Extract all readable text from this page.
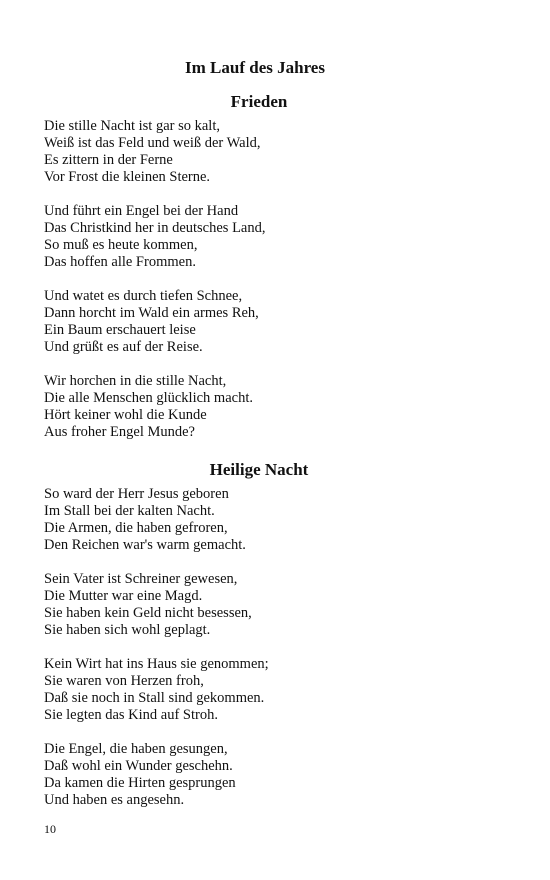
Im Lauf des Jahres
Frieden
Die stille Nacht ist gar so kalt,
Weiß ist das Feld und weiß der Wald,
Es zittern in der Ferne
Vor Frost die kleinen Sterne.
Und führt ein Engel bei der Hand
Das Christkind her in deutsches Land,
So muß es heute kommen,
Das hoffen alle Frommen.
Und watet es durch tiefen Schnee,
Dann horcht im Wald ein armes Reh,
Ein Baum erschauert leise
Und grüßt es auf der Reise.
Wir horchen in die stille Nacht,
Die alle Menschen glücklich macht.
Hört keiner wohl die Kunde
Aus froher Engel Munde?
Heilige Nacht
So ward der Herr Jesus geboren
Im Stall bei der kalten Nacht.
Die Armen, die haben gefroren,
Den Reichen war's warm gemacht.
Sein Vater ist Schreiner gewesen,
Die Mutter war eine Magd.
Sie haben kein Geld nicht besessen,
Sie haben sich wohl geplagt.
Kein Wirt hat ins Haus sie genommen;
Sie waren von Herzen froh,
Daß sie noch in Stall sind gekommen.
Sie legten das Kind auf Stroh.
Die Engel, die haben gesungen,
Daß wohl ein Wunder geschehn.
Da kamen die Hirten gesprungen
Und haben es angesehn.
10
